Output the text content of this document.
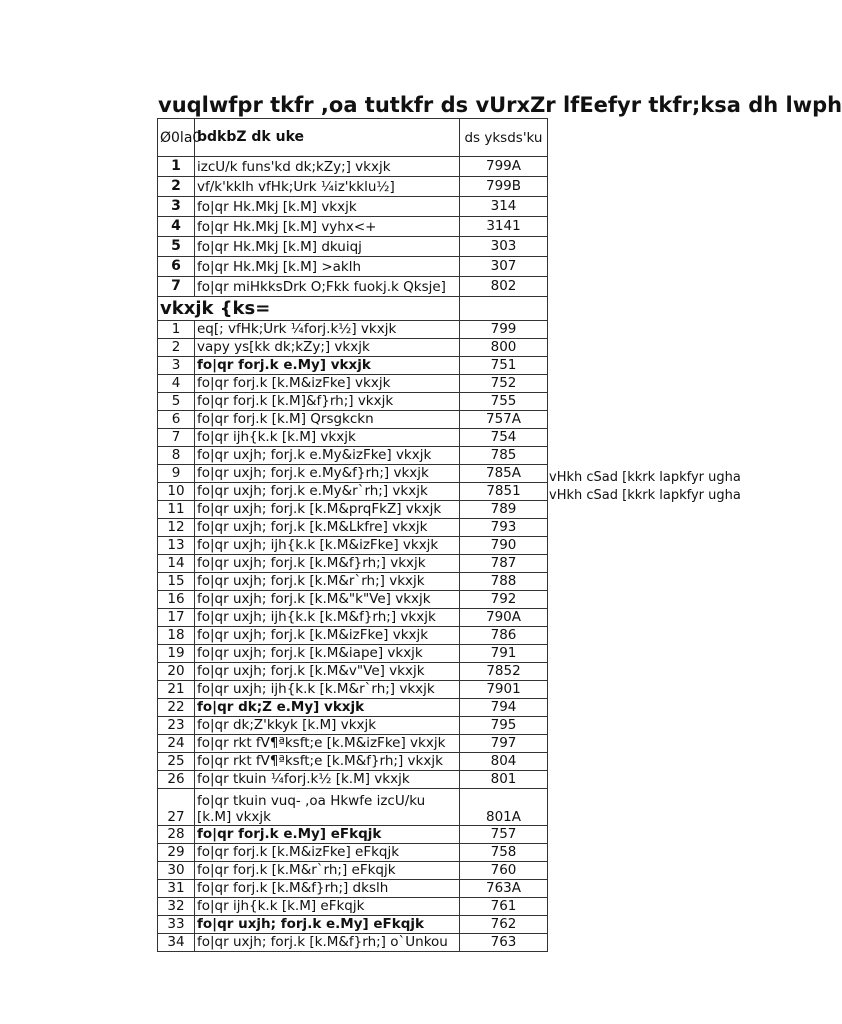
vuqlwfpr tkfr ,oa tutkfr ds vUrxZr lfEefyr tkfr;ksa dh lwph
Ø0la0	bdkbZ dk uke	ds yksds'ku
1	izcU/k funs'kd dk;kZy;] vkxjk	799A
2	vf/k'kklh vfHk;Urk ¼iz'kklu½]	799B
3	fo|qr Hk.Mkj [k.M] vkxjk	314
4	fo|qr Hk.Mkj [k.M] vyhx<+	3141
5	fo|qr Hk.Mkj [k.M] dkuiqj	303
6	fo|qr Hk.Mkj [k.M] >aklh	307
7	fo|qr miHkksDrk O;Fkk fuokj.k Qksje]	802
vkxjk {ks=		
1	eq[; vfHk;Urk ¼forj.k½] vkxjk	799
2	vapy ys[kk dk;kZy;] vkxjk	800
3	fo|qr forj.k e.My] vkxjk	751
4	fo|qr forj.k [k.M&izFke] vkxjk	752
5	fo|qr forj.k [k.M]&f}rh;] vkxjk	755
6	fo|qr forj.k [k.M] Qrsgkckn	757A
7	fo|qr ijh{k.k [k.M] vkxjk	754
8	fo|qr uxjh; forj.k e.My&izFke] vkxjk	785
9	fo|qr uxjh; forj.k e.My&f}rh;] vkxjk	785A
10	fo|qr uxjh; forj.k e.My&r`rh;] vkxjk	7851
11	fo|qr uxjh; forj.k [k.M&prqFkZ] vkxjk	789
12	fo|qr uxjh; forj.k [k.M&Lkfre] vkxjk	793
13	fo|qr uxjh; ijh{k.k [k.M&izFke] vkxjk	790
14	fo|qr uxjh; forj.k [k.M&f}rh;] vkxjk	787
15	fo|qr uxjh; forj.k [k.M&r`rh;] vkxjk	788
16	fo|qr uxjh; forj.k [k.M&"k"Ve] vkxjk	792
17	fo|qr uxjh; ijh{k.k [k.M&f}rh;] vkxjk	790A
18	fo|qr uxjh; forj.k [k.M&izFke] vkxjk	786
19	fo|qr uxjh; forj.k [k.M&iape] vkxjk	791
20	fo|qr uxjh; forj.k [k.M&v"Ve] vkxjk	7852
21	fo|qr uxjh; ijh{k.k [k.M&r`rh;] vkxjk	7901
22	fo|qr dk;Z e.My] vkxjk	794
23	fo|qr dk;Z'kkyk [k.M] vkxjk	795
24	fo|qr rkt fV¶ªksft;e [k.M&izFke] vkxjk	797
25	fo|qr rkt fV¶ªksft;e [k.M&f}rh;] vkxjk	804
26	fo|qr tkuin ¼forj.k½ [k.M] vkxjk	801
27	fo|qr tkuin vuq- ,oa Hkwfe izcU/ku [k.M] vkxjk	801A
28	fo|qr forj.k e.My] eFkqjk	757
29	fo|qr forj.k [k.M&izFke] eFkqjk	758
30	fo|qr forj.k [k.M&r`rh;] eFkqjk	760
31	fo|qr forj.k [k.M&f}rh;] dkslh	763A
32	fo|qr ijh{k.k [k.M] eFkqjk	761
33	fo|qr uxjh; forj.k e.My] eFkqjk	762
34	fo|qr uxjh; forj.k [k.M&f}rh;] o`Unkou	763
vHkh cSad [kkrk lapkfyr ugha
vHkh cSad [kkrk lapkfyr ugha
